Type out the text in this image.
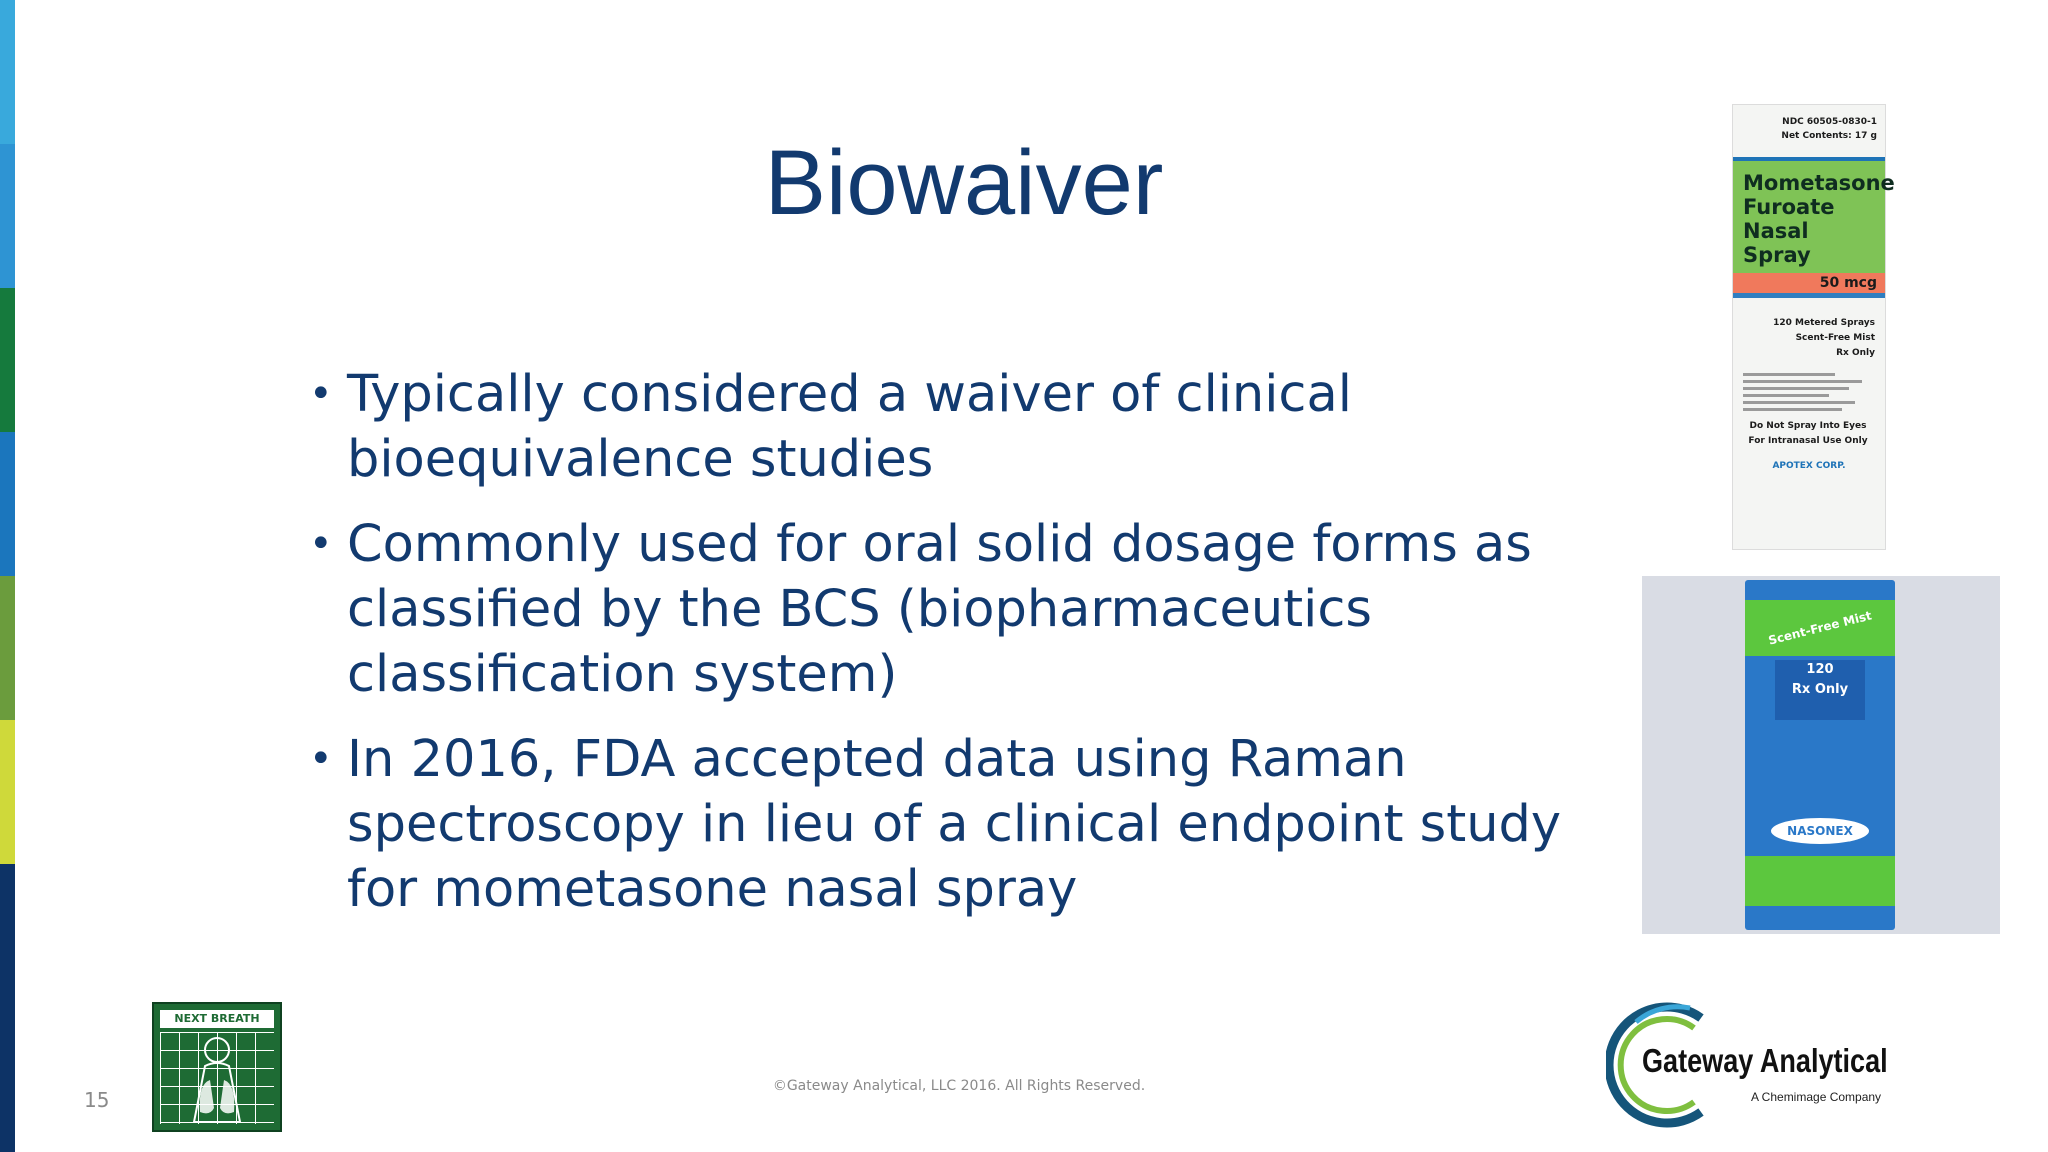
Biowaiver
• Typically considered a waiver of clinical bioequivalence studies
• Commonly used for oral solid dosage forms as classified by the BCS (biopharmaceutics classification system)
• In 2016, FDA accepted data using Raman spectroscopy in lieu of a clinical endpoint study for mometasone nasal spray
NDC 60505-0830-1
Net Contents: 17 g
Mometasone Furoate Nasal Spray
50 mcg
120 Metered Sprays
Scent-Free Mist
Rx Only
Do Not Spray Into Eyes
For Intranasal Use Only
APOTEX CORP.
Scent-Free Mist
120
Rx Only
NASONEX
NEXT BREATH
Gateway Analytical
A Chemimage Company
15
©Gateway Analytical, LLC 2016. All Rights Reserved.
